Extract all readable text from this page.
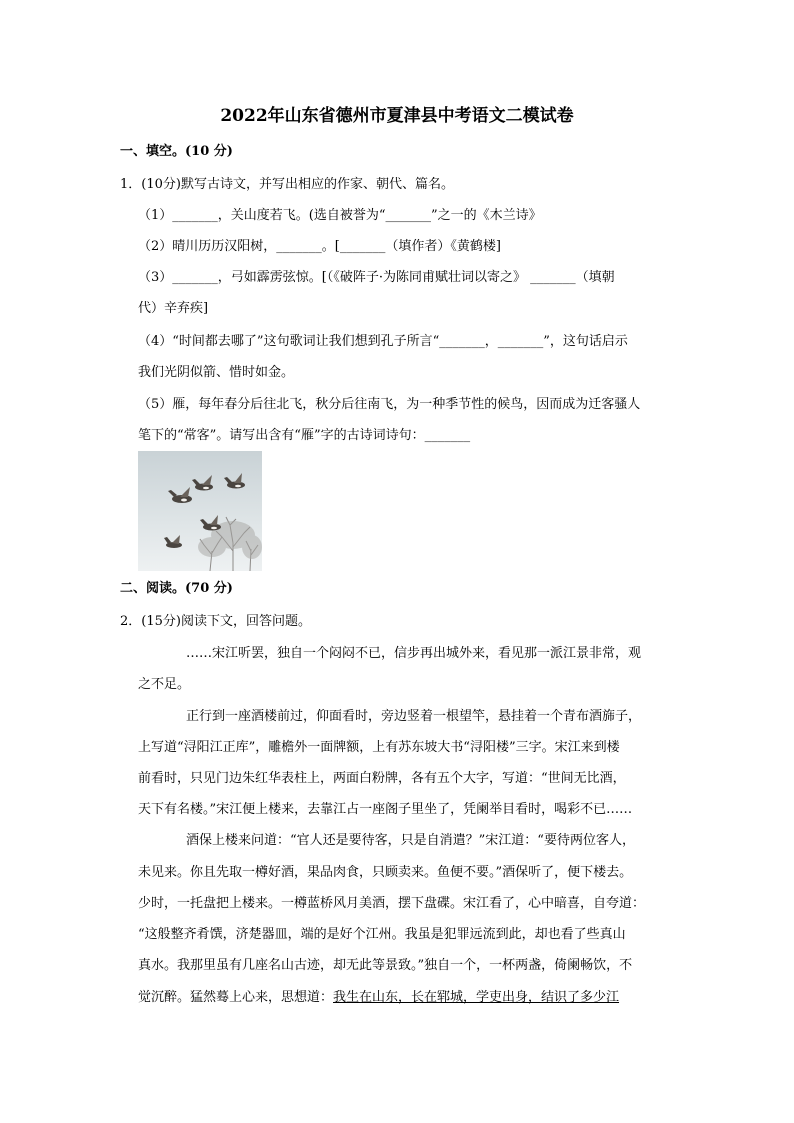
2022年山东省德州市夏津县中考语文二模试卷
一、填空。(10 分)
1．(10分)默写古诗文，并写出相应的作家、朝代、篇名。
（1）_______，关山度若飞。(选自被誉为“_______”之一的《木兰诗》
（2）晴川历历汉阳树，_______。[_______（填作者）《黄鹤楼]
（3）_______，弓如霹雳弦惊。[（《破阵子·为陈同甫赋壮词以寄之》 _______（填朝
代）辛弃疾]
（4）“时间都去哪了”这句歌词让我们想到孔子所言“_______，_______”，这句话启示
我们光阴似箭、惜时如金。
（5）雁，每年春分后往北飞，秋分后往南飞，为一种季节性的候鸟，因而成为迁客骚人
笔下的“常客”。请写出含有“雁”字的古诗词诗句：_______
二、阅读。(70 分)
2．(15分)阅读下文，回答问题。
……宋江听罢，独自一个闷闷不已，信步再出城外来，看见那一派江景非常，观
之不足。
正行到一座酒楼前过，仰面看时，旁边竖着一根望竿，悬挂着一个青布酒旆子，
上写道“浔阳江正库”，雕檐外一面牌额，上有苏东坡大书“浔阳楼”三字。宋江来到楼
前看时，只见门边朱红华表柱上，两面白粉牌，各有五个大字，写道：“世间无比酒，
天下有名楼。”宋江便上楼来，去靠江占一座阁子里坐了，凭阑举目看时，喝彩不已……
酒保上楼来问道：“官人还是要待客，只是自消遣？”宋江道：“要待两位客人，
未见来。你且先取一樽好酒，果品肉食，只顾卖来。鱼便不要。”酒保听了，便下楼去。
少时，一托盘把上楼来。一樽蓝桥风月美酒，摆下盘碟。宋江看了，心中暗喜，自夸道：
“这般整齐肴馔，济楚器皿，端的是好个江州。我虽是犯罪远流到此，却也看了些真山
真水。我那里虽有几座名山古迹，却无此等景致。”独自一个，一杯两盏，倚阑畅饮，不
觉沉醉。猛然蓦上心来，思想道：我生在山东，长在郓城，学吏出身，结识了多少江
